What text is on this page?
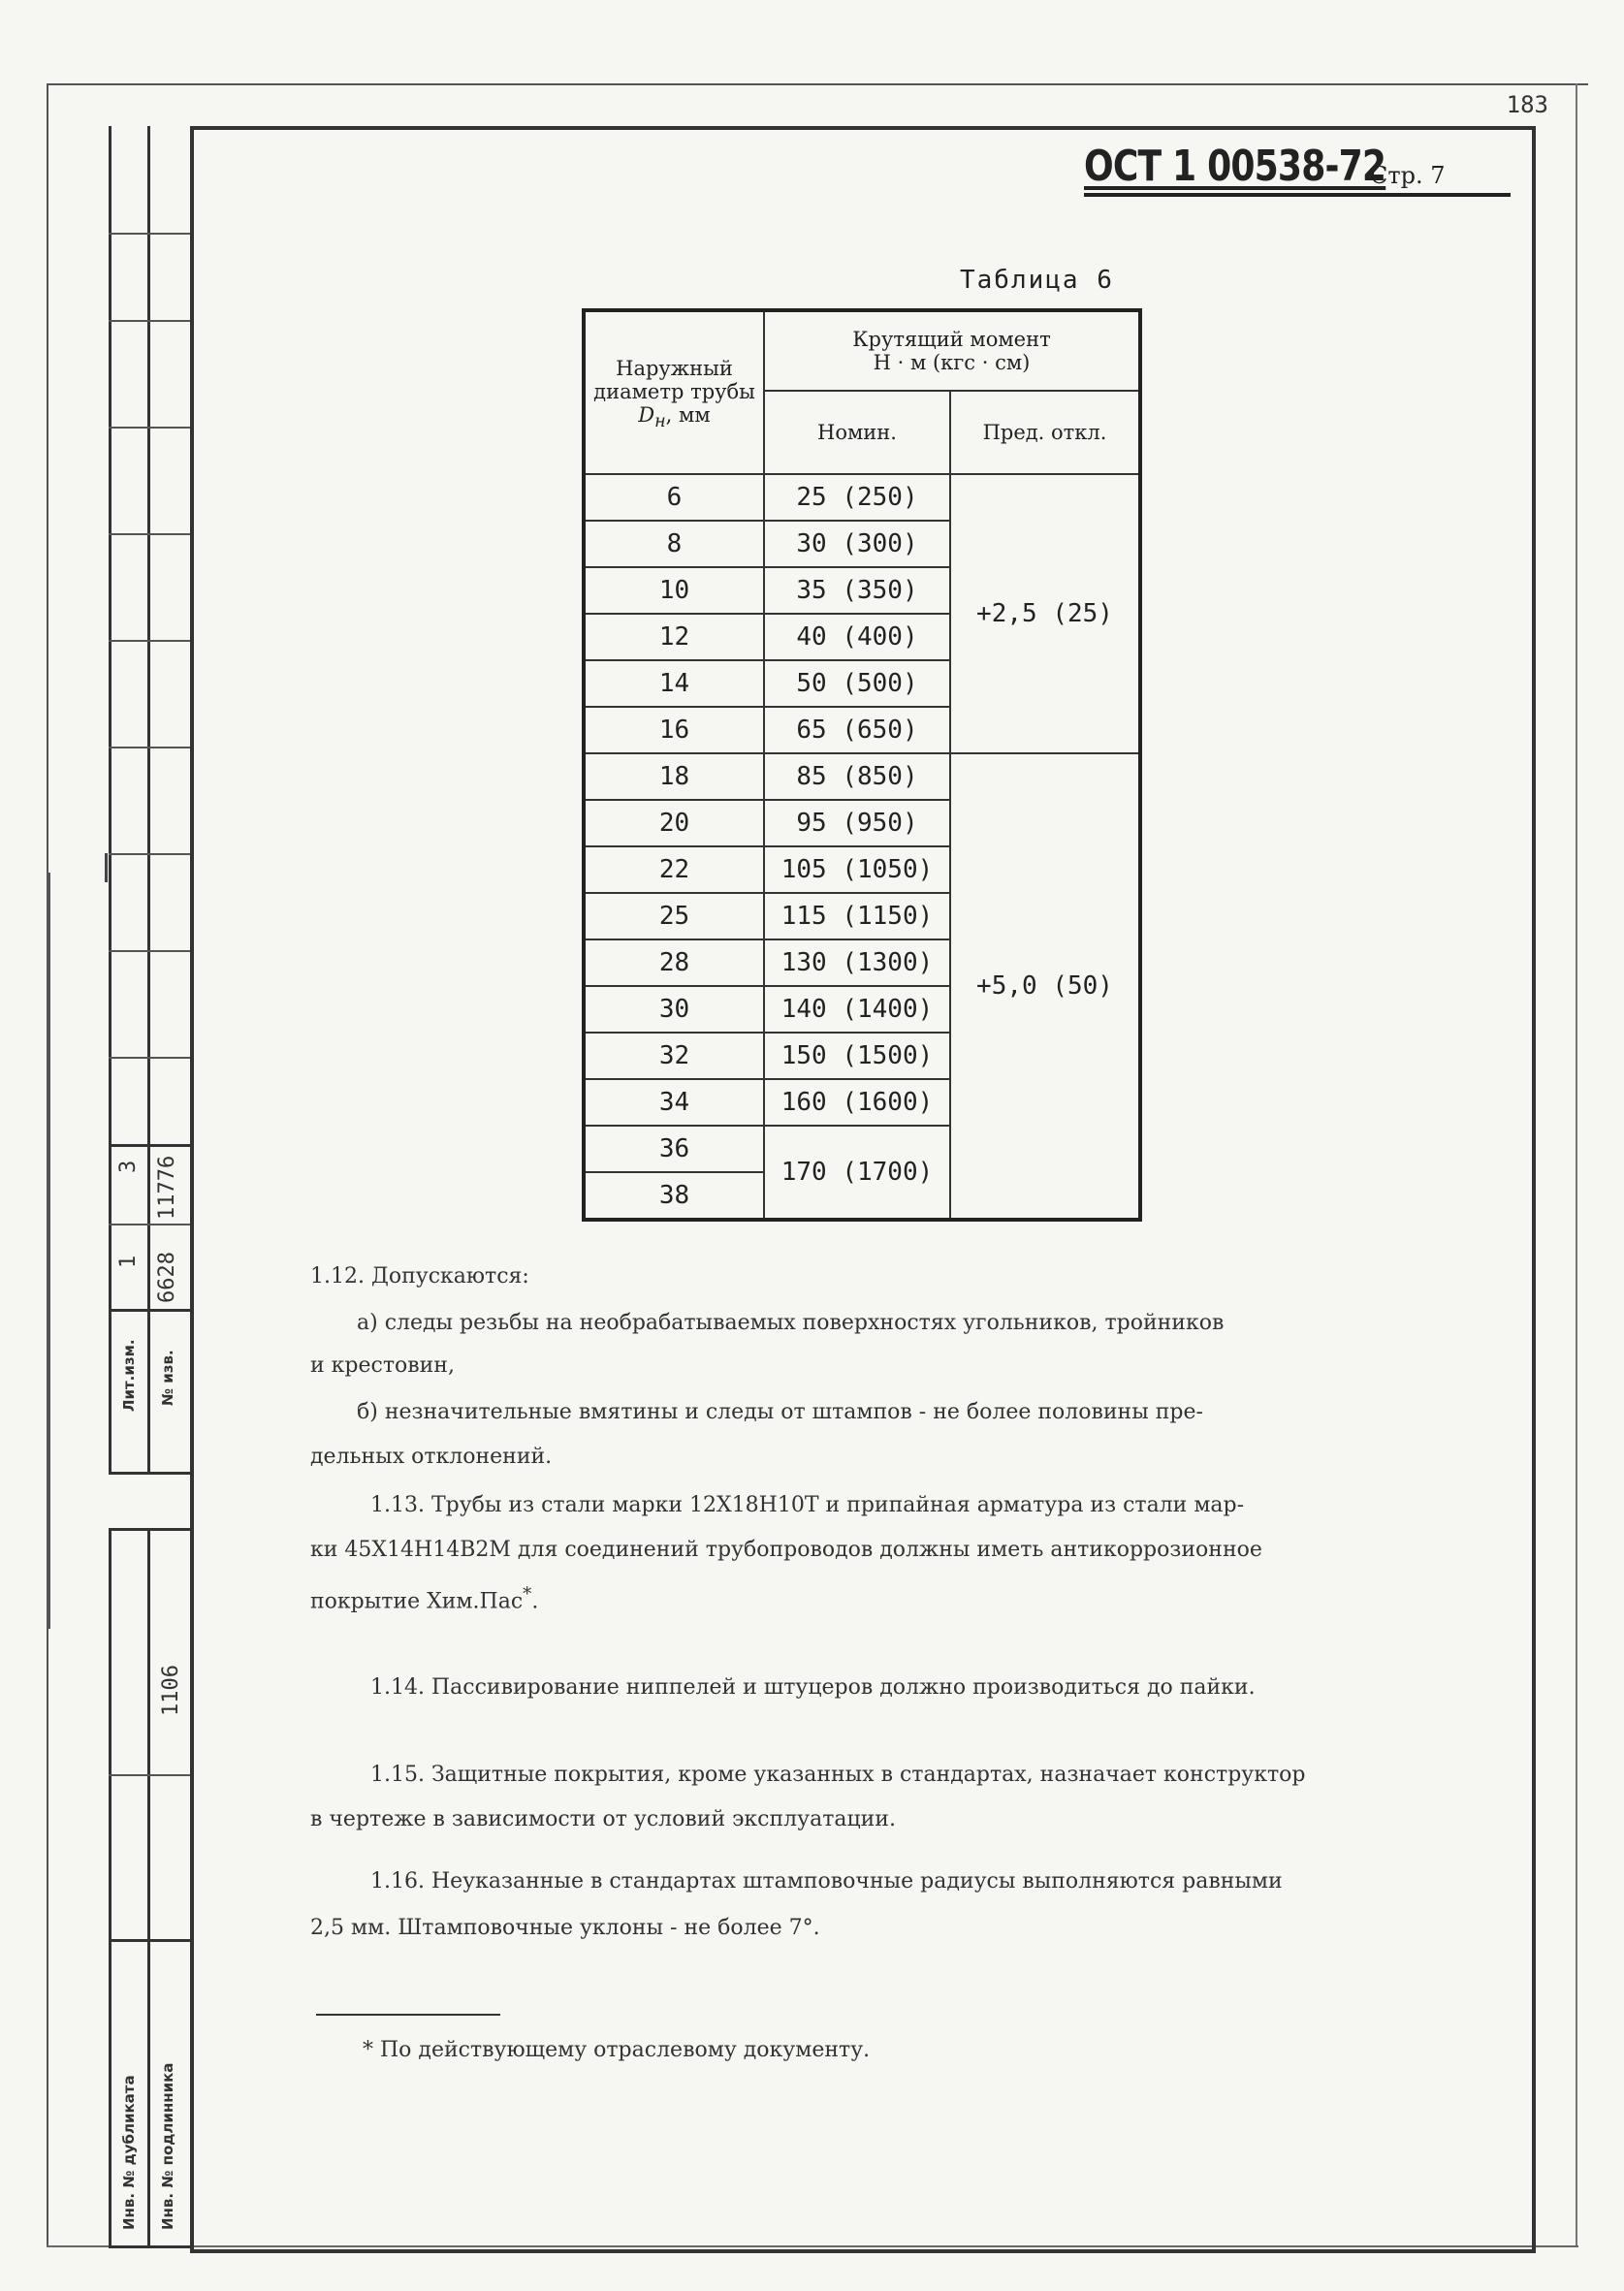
183
ОСТ 1 00538-72
Стр. 7
3 11776
1 6628
Лит.изм. № изв.
1106
Инв. № дубликата Инв. № подлинника
Таблица 6
Наружный диаметр трубы
$D_н$, мм	Крутящий момент
Н · м (кгс · см)	
	Номин.	Пред. откл.
6	25 (250)	+2,5 (25)
8	30 (300)	
10	35 (350)	
12	40 (400)	
14	50 (500)	
16	65 (650)	
18	85 (850)	+5,0 (50)
20	95 (950)	
22	105 (1050)	
25	115 (1150)	
28	130 (1300)	
30	140 (1400)	
32	150 (1500)	
34	160 (1600)	
36	170 (1700)	
38		

1.12. Допускаются:

а) следы резьбы на необрабатываемых поверхностях угольников, тройников

и крестовин,

б) незначительные вмятины и следы от штампов - не более половины пре-

дельных отклонений.

1.13. Трубы из стали марки 12Х18Н10Т и припайная арматура из стали мар-

ки 45Х14Н14В2М для соединений трубопроводов должны иметь антикоррозионное

покрытие Хим.Пас*.

1.14. Пассивирование ниппелей и штуцеров должно производиться до пайки.

1.15. Защитные покрытия, кроме указанных в стандартах, назначает конструктор

в чертеже в зависимости от условий эксплуатации.

1.16. Неуказанные в стандартах штамповочные радиусы выполняются равными

2,5 мм. Штамповочные уклоны - не более 7°.

* По действующему отраслевому документу.
